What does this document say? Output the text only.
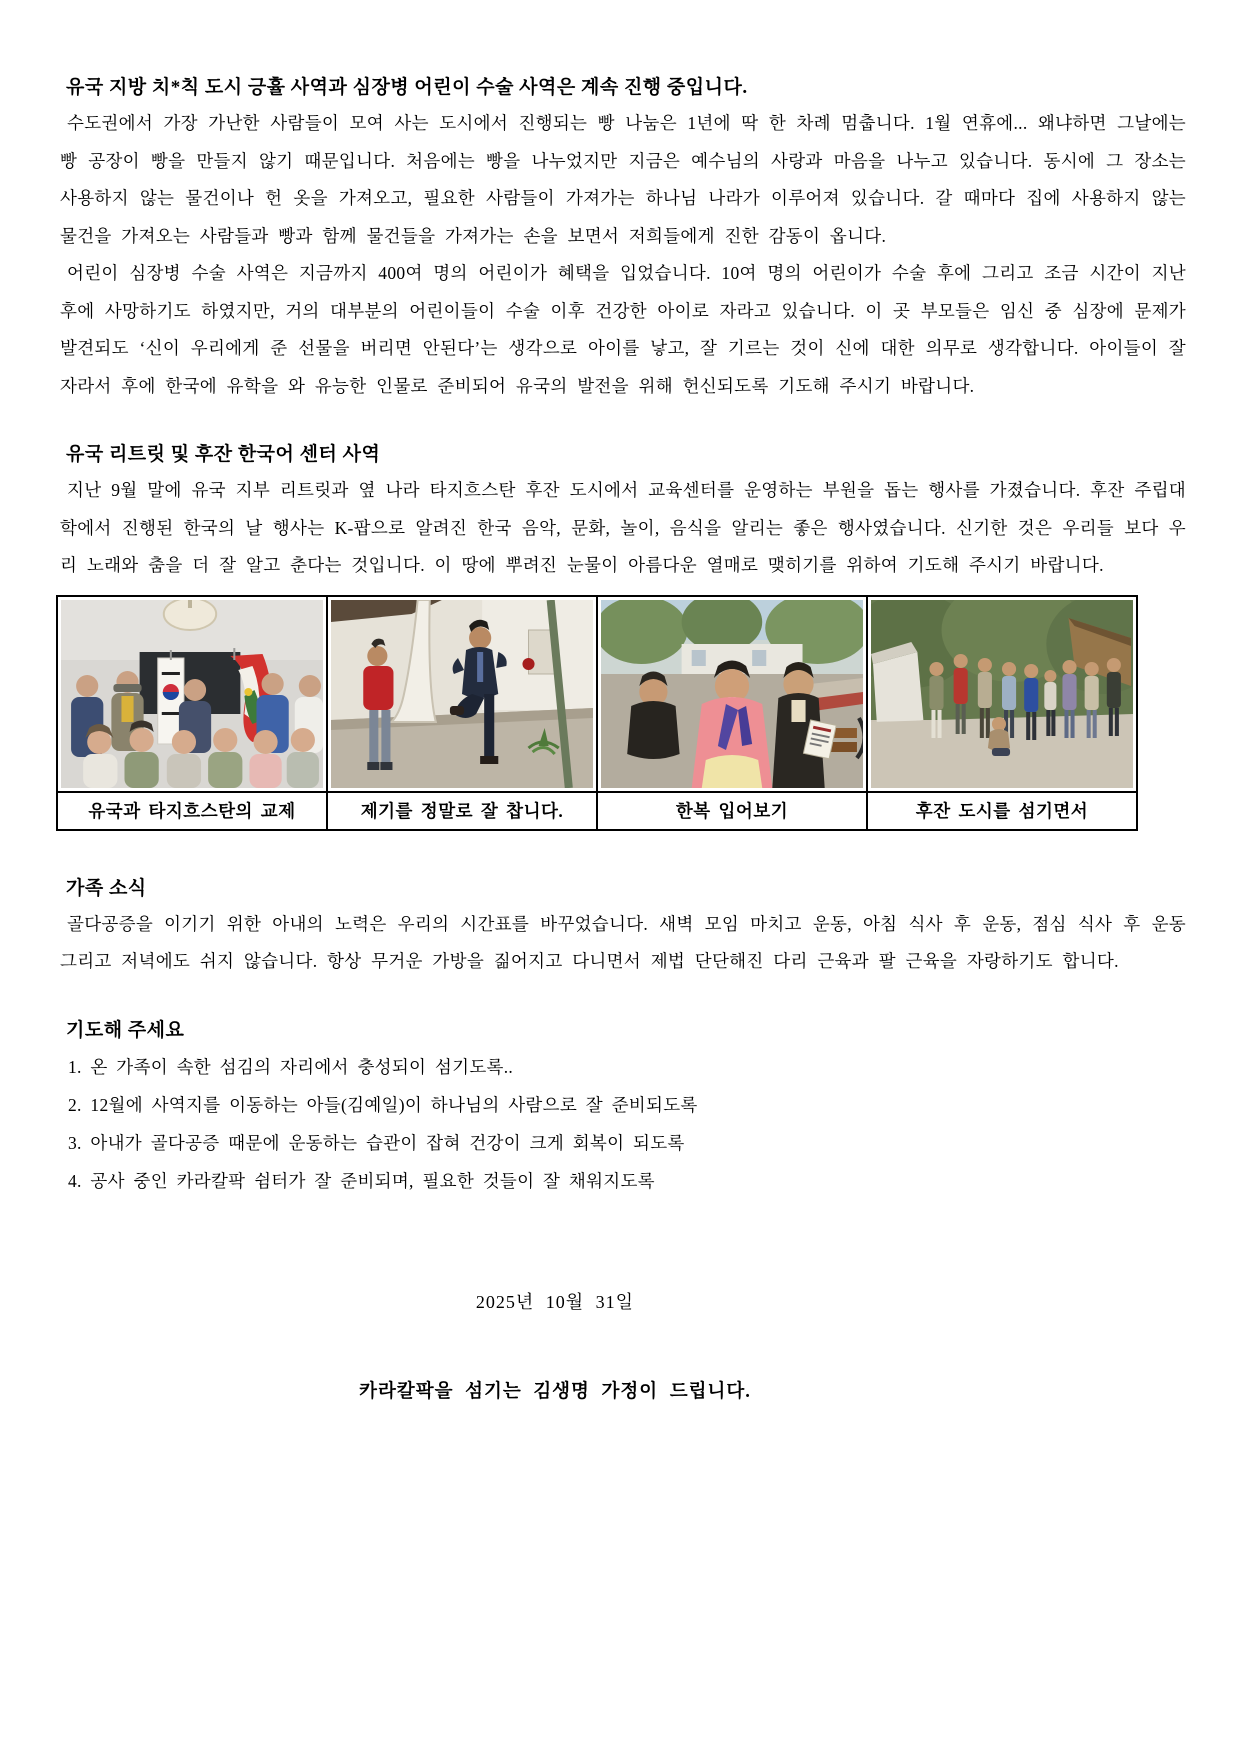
유국 지방 치*칙 도시 긍휼 사역과 심장병 어린이 수술 사역은 계속 진행 중입니다.

수도권에서 가장 가난한 사람들이 모여 사는 도시에서 진행되는 빵 나눔은 1년에 딱 한 차례 멈춥니다. 1월 연휴에... 왜냐하면 그날에는 빵 공장이 빵을 만들지 않기 때문입니다. 처음에는 빵을 나누었지만 지금은 예수님의 사랑과 마음을 나누고 있습니다. 동시에 그 장소는 사용하지 않는 물건이나 헌 옷을 가져오고, 필요한 사람들이 가져가는 하나님 나라가 이루어져 있습니다. 갈 때마다 집에 사용하지 않는 물건을 가져오는 사람들과 빵과 함께 물건들을 가져가는 손을 보면서 저희들에게 진한 감동이 옵니다.

어린이 심장병 수술 사역은 지금까지 400여 명의 어린이가 혜택을 입었습니다. 10여 명의 어린이가 수술 후에 그리고 조금 시간이 지난 후에 사망하기도 하였지만, 거의 대부분의 어린이들이 수술 이후 건강한 아이로 자라고 있습니다. 이 곳 부모들은 임신 중 심장에 문제가 발견되도 ‘신이 우리에게 준 선물을 버리면 안된다’는 생각으로 아이를 낳고, 잘 기르는 것이 신에 대한 의무로 생각합니다. 아이들이 잘 자라서 후에 한국에 유학을 와 유능한 인물로 준비되어 유국의 발전을 위해 헌신되도록 기도해 주시기 바랍니다.

유국 리트릿 및 후잔 한국어 센터 사역

지난 9월 말에 유국 지부 리트릿과 옆 나라 타지흐스탄 후잔 도시에서 교육센터를 운영하는 부원을 돕는 행사를 가졌습니다. 후잔 주립대학에서 진행된 한국의 날 행사는 K-팝으로 알려진 한국 음악, 문화, 놀이, 음식을 알리는 좋은 행사였습니다. 신기한 것은 우리들 보다 우리 노래와 춤을 더 잘 알고 춘다는 것입니다. 이 땅에 뿌려진 눈물이 아름다운 열매로 맺히기를 위하여 기도해 주시기 바랍니다.

유국과 타지흐스탄의 교제	제기를 정말로 잘 찹니다.	한복 입어보기	후잔 도시를 섬기면서
가족 소식

골다공증을 이기기 위한 아내의 노력은 우리의 시간표를 바꾸었습니다. 새벽 모임 마치고 운동, 아침 식사 후 운동, 점심 식사 후 운동 그리고 저녁에도 쉬지 않습니다. 항상 무거운 가방을 짊어지고 다니면서 제법 단단해진 다리 근육과 팔 근육을 자랑하기도 합니다.

기도해 주세요
1. 온 가족이 속한 섬김의 자리에서 충성되이 섬기도록..
2. 12월에 사역지를 이동하는 아들(김예일)이 하나님의 사람으로 잘 준비되도록
3. 아내가 골다공증 때문에 운동하는 습관이 잡혀 건강이 크게 회복이 되도록
4. 공사 중인 카라칼팍 쉼터가 잘 준비되며, 필요한 것들이 잘 채워지도록
2025년 10월 31일
카라칼팍을 섬기는 김생명 가정이 드립니다.
